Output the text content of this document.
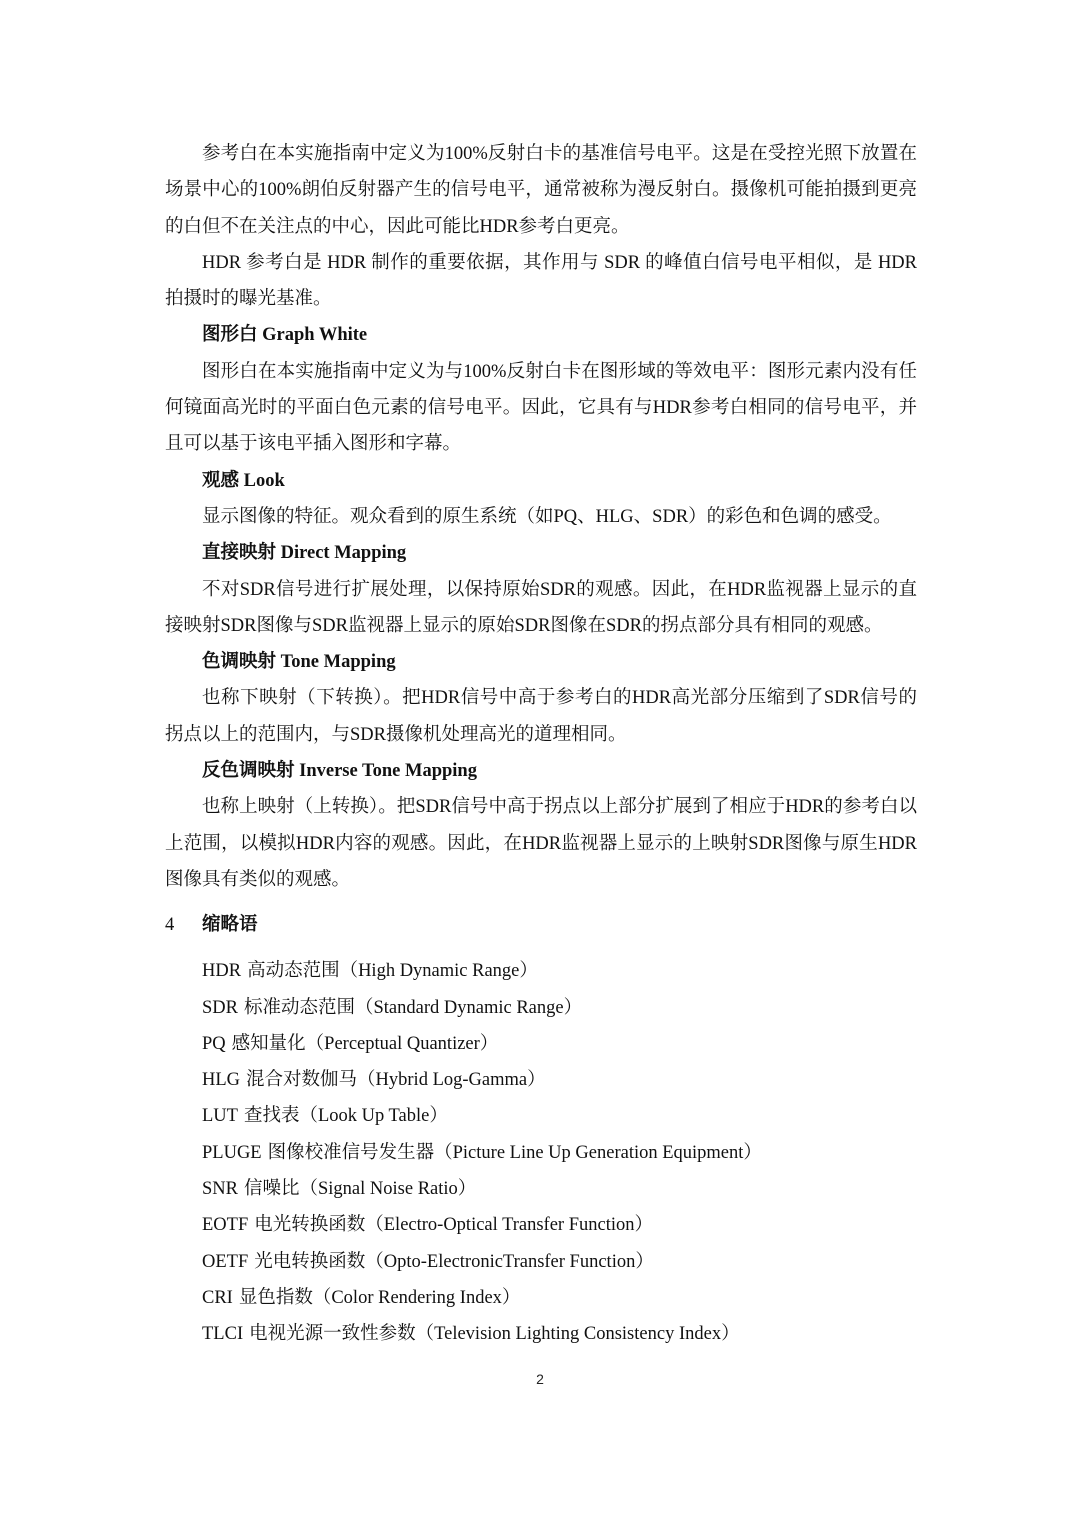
参考白在本实施指南中定义为100%反射白卡的基准信号电平。这是在受控光照下放置在场景中心的100%朗伯反射器产生的信号电平，通常被称为漫反射白。摄像机可能拍摄到更亮的白但不在关注点的中心，因此可能比HDR参考白更亮。

HDR 参考白是 HDR 制作的重要依据，其作用与 SDR 的峰值白信号电平相似，是 HDR 拍摄时的曝光基准。

图形白 Graph White

图形白在本实施指南中定义为与100%反射白卡在图形域的等效电平：图形元素内没有任何镜面高光时的平面白色元素的信号电平。因此，它具有与HDR参考白相同的信号电平，并且可以基于该电平插入图形和字幕。

观感 Look

显示图像的特征。观众看到的原生系统（如PQ、HLG、SDR）的彩色和色调的感受。

直接映射 Direct Mapping

不对SDR信号进行扩展处理，以保持原始SDR的观感。因此，在HDR监视器上显示的直接映射SDR图像与SDR监视器上显示的原始SDR图像在SDR的拐点部分具有相同的观感。

色调映射 Tone Mapping

也称下映射（下转换）。把HDR信号中高于参考白的HDR高光部分压缩到了SDR信号的拐点以上的范围内，与SDR摄像机处理高光的道理相同。

反色调映射 Inverse Tone Mapping

也称上映射（上转换）。把SDR信号中高于拐点以上部分扩展到了相应于HDR的参考白以上范围，以模拟HDR内容的观感。因此，在HDR监视器上显示的上映射SDR图像与原生HDR图像具有类似的观感。

4	缩略语
HDR 高动态范围（High Dynamic Range）
SDR 标准动态范围（Standard Dynamic Range）
PQ 感知量化（Perceptual Quantizer）
HLG 混合对数伽马（Hybrid Log-Gamma）
LUT 查找表（Look Up Table）
PLUGE 图像校准信号发生器（Picture Line Up Generation Equipment）
SNR 信噪比（Signal Noise Ratio）
EOTF 电光转换函数（Electro-Optical Transfer Function）
OETF 光电转换函数（Opto-ElectronicTransfer Function）
CRI 显色指数（Color Rendering Index）
TLCI 电视光源一致性参数（Television Lighting Consistency Index）
2
